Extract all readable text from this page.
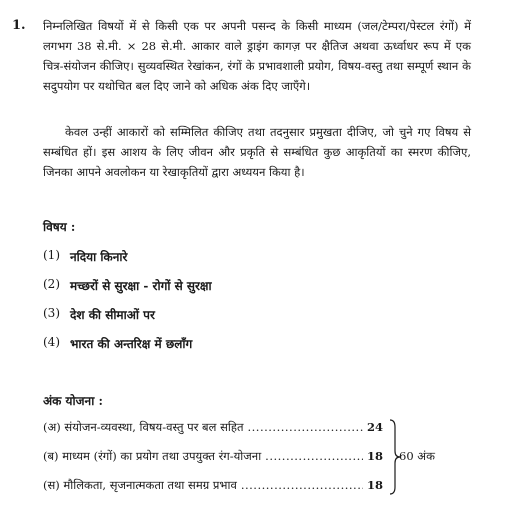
1. निम्नलिखित विषयों में से किसी एक पर अपनी पसन्द के किसी माध्यम (जल/टेम्परा/पेस्टल रंगों) में लगभग 38 से.मी. × 28 से.मी. आकार वाले ड्राइंग कागज़ पर क्षैतिज अथवा ऊर्ध्वाधर रूप में एक चित्र-संयोजन कीजिए। सुव्यवस्थित रेखांकन, रंगों के प्रभावशाली प्रयोग, विषय-वस्तु तथा सम्पूर्ण स्थान के सदुपयोग पर यथोचित बल दिए जाने को अधिक अंक दिए जाएँगे।
केवल उन्हीं आकारों को सम्मिलित कीजिए तथा तदनुसार प्रमुखता दीजिए, जो चुने गए विषय से सम्बंधित हों। इस आशय के लिए जीवन और प्रकृति से सम्बंधित कुछ आकृतियों का स्मरण कीजिए, जिनका आपने अवलोकन या रेखाकृतियों द्वारा अध्ययन किया है।
विषय :
(1) नदिया किनारे
(2) मच्छरों से सुरक्षा - रोगों से सुरक्षा
(3) देश की सीमाओं पर
(4) भारत की अन्तरिक्ष में छलाँग
अंक योजना :
(अ) संयोजन-व्यवस्था, विषय-वस्तु पर बल सहित .....	24
(ब) माध्यम (रंगों) का प्रयोग तथा उपयुक्त रंग-योजना .....	18
(स) मौलिकता, सृजनात्मकता तथा समग्र प्रभाव .....	18
60 अंक
